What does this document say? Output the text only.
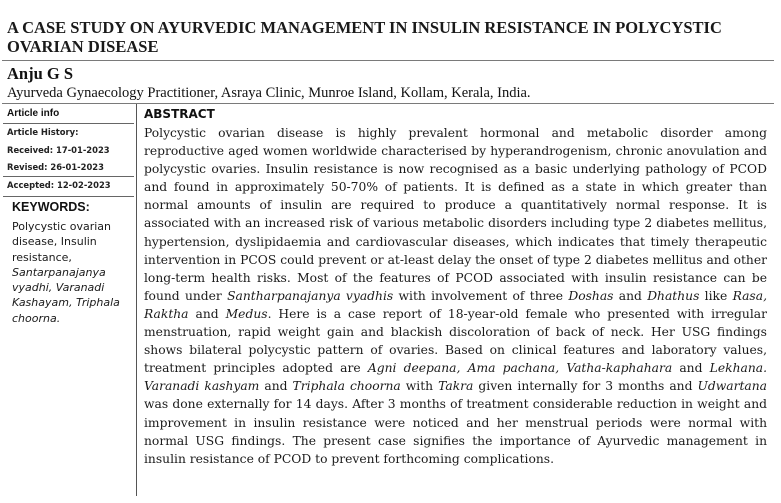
A CASE STUDY ON AYURVEDIC MANAGEMENT IN INSULIN RESISTANCE IN POLYCYSTIC OVARIAN DISEASE
Anju G S
Ayurveda Gynaecology Practitioner, Asraya Clinic, Munroe Island, Kollam, Kerala, India.
Article info
Article History:
Received: 17-01-2023
Revised: 26-01-2023
Accepted: 12-02-2023
KEYWORDS:
Polycystic ovarian disease, Insulin resistance, Santarpanajanya vyadhi, Varanadi Kashayam, Triphala choorna.
ABSTRACT
Polycystic ovarian disease is highly prevalent hormonal and metabolic disorder among reproductive aged women worldwide characterised by hyperandrogenism, chronic anovulation and polycystic ovaries. Insulin resistance is now recognised as a basic underlying pathology of PCOD and found in approximately 50-70% of patients. It is defined as a state in which greater than normal amounts of insulin are required to produce a quantitatively normal response. It is associated with an increased risk of various metabolic disorders including type 2 diabetes mellitus, hypertension, dyslipidaemia and cardiovascular diseases, which indicates that timely therapeutic intervention in PCOS could prevent or at-least delay the onset of type 2 diabetes mellitus and other long-term health risks. Most of the features of PCOD associated with insulin resistance can be found under Santharpanajanya vyadhis with involvement of three Doshas and Dhathus like Rasa, Raktha and Medus. Here is a case report of 18-year-old female who presented with irregular menstruation, rapid weight gain and blackish discoloration of back of neck. Her USG findings shows bilateral polycystic pattern of ovaries. Based on clinical features and laboratory values, treatment principles adopted are Agni deepana, Ama pachana, Vatha-kaphahara and Lekhana. Varanadi kashyam and Triphala choorna with Takra given internally for 3 months and Udwartana was done externally for 14 days. After 3 months of treatment considerable reduction in weight and improvement in insulin resistance were noticed and her menstrual periods were normal with normal USG findings. The present case signifies the importance of Ayurvedic management in insulin resistance of PCOD to prevent forthcoming complications.
